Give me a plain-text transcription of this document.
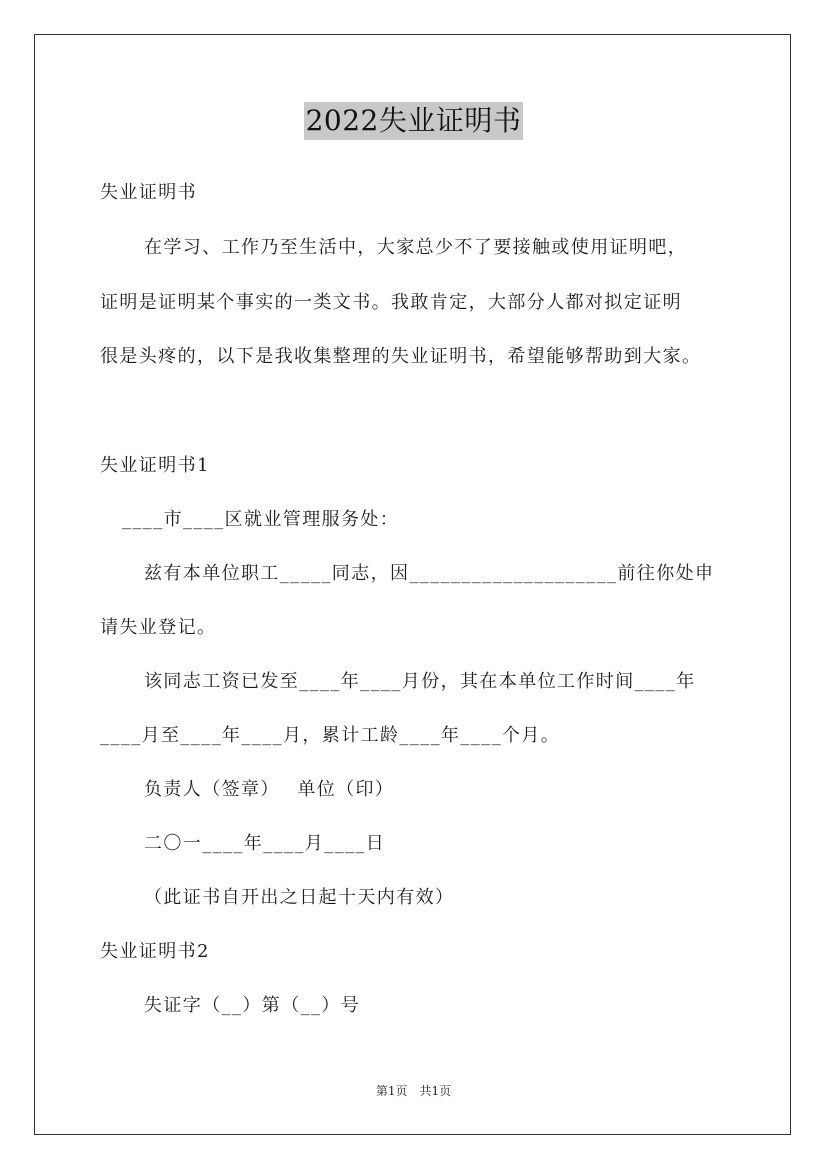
2022失业证明书
失业证明书
在学习、工作乃至生活中，大家总少不了要接触或使用证明吧，
证明是证明某个事实的一类文书。我敢肯定，大部分人都对拟定证明
很是头疼的，以下是我收集整理的失业证明书，希望能够帮助到大家。
失业证明书1
____市____区就业管理服务处：
兹有本单位职工_____同志，因____________________前往你处申
请失业登记。
该同志工资已发至____年____月份，其在本单位工作时间____年
____月至____年____月，累计工龄____年____个月。
负责人（签章）　 单位（印）
二〇一____年____月____日
（此证书自开出之日起十天内有效）
失业证明书2
失证字（__）第（__）号
第1页　共1页
